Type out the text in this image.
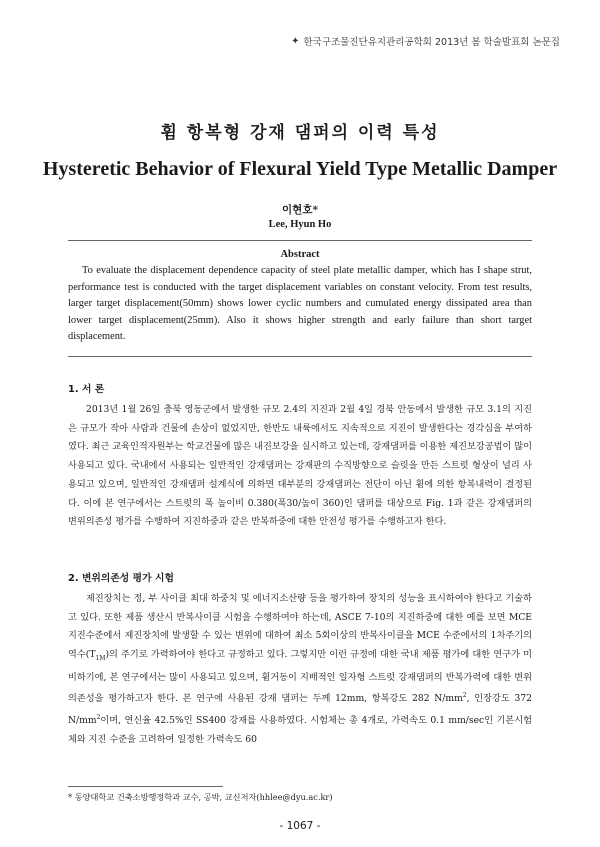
✦ 한국구조물진단유지관리공학회 2013년 봄 학술발표회 논문집
휨 항복형 강재 댐퍼의 이력 특성
Hysteretic Behavior of Flexural Yield Type Metallic Damper
이현호*
Lee, Hyun Ho
Abstract

To evaluate the displacement dependence capacity of steel plate metallic damper, which has I shape strut, performance test is conducted with the target displacement variables on constant velocity. From test results, larger target displacement(50mm) shows lower cyclic numbers and cumulated energy dissipated area than lower target displacement(25mm). Also it shows higher strength and early failure than short target displacement.

1. 서 론

2013년 1월 26일 충북 영동군에서 발생한 규모 2.4의 지진과 2월 4일 경북 안동에서 발생한 규모 3.1의 지진은 규모가 작아 사람과 건물에 손상이 없었지만, 한반도 내륙에서도 지속적으로 지진이 발생한다는 경각심을 부여하였다. 최근 교육인적자원부는 학교건물에 많은 내진보강을 실시하고 있는데, 강재댐퍼를 이용한 제진보강공법이 많이 사용되고 있다. 국내에서 사용되는 일반적인 강재댐퍼는 강재판의 수직방향으로 슬릿을 만든 스트럿 형상이 널리 사용되고 있으며, 일반적인 강재댐퍼 설계식에 의하면 대부분의 강재댐퍼는 전단이 아닌 휨에 의한 항복내력이 결정된다. 이에 본 연구에서는 스트럿의 폭 높이비 0.380(폭30/높이 360)인 댐퍼를 대상으로 Fig. 1과 같은 강재댐퍼의 변위의존성 평가를 수행하여 지진하중과 같은 반복하중에 대한 안전성 평가를 수행하고자 한다.

2. 변위의존성 평가 시험

제진장치는 정, 부 사이클 최대 하중치 및 에너지소산량 등을 평가하여 장치의 성능을 표시하여야 한다고 기술하고 있다. 또한 제품 생산시 반복사이클 시험을 수행하여야 하는데, ASCE 7-10의 지진하중에 대한 예를 보면 MCE지진수준에서 제진장치에 발생할 수 있는 변위에 대하여 최소 5회이상의 반복사이클을 MCE 수준에서의 1차주기의 역수$(T_{1M})$의 주기로 가력하여야 한다고 규정하고 있다. 그렇지만 이런 규정에 대한 국내 제품 평가에 대한 연구가 미비하기에, 본 연구에서는 많이 사용되고 있으며, 휨거동이 지배적인 일자형 스트럿 강재댐퍼의 반복가력에 대한 변위의존성을 평가하고자 한다. 본 연구에 사용된 강재 댐퍼는 두께 12mm, 항복강도 282 $N/mm^2$, 인장강도 372 $N/mm^2$이며, 연신율 42.5%인 SS400 강재를 사용하였다. 시험체는 총 4개로, 가력속도 0.1 mm/sec인 기본시험체와 지진 수준을 고려하여 일정한 가력속도 60

* 동양대학교 건축소방행정학과 교수, 공박, 교신저자(hhlee@dyu.ac.kr)
- 1067 -
